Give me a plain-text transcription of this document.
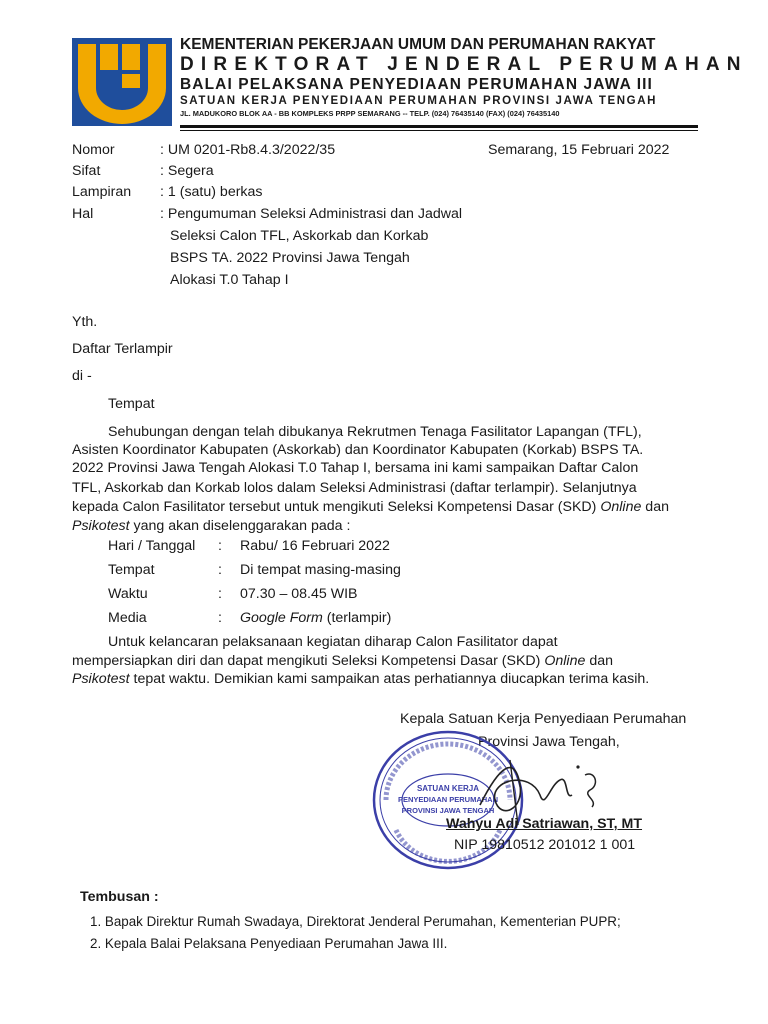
KEMENTERIAN PEKERJAAN UMUM DAN PERUMAHAN RAKYAT
DIREKTORAT JENDERAL PERUMAHAN
BALAI PELAKSANA PENYEDIAAN PERUMAHAN JAWA III
SATUAN KERJA PENYEDIAAN PERUMAHAN PROVINSI JAWA TENGAH
JL. MADUKORO BLOK AA - BB KOMPLEKS PRPP SEMARANG -- TELP. (024) 76435140 (FAX) (024) 76435140
Nomor	: UM 0201-Rb8.4.3/2022/35	Semarang, 15 Februari 2022
Sifat	: Segera
Lampiran : 1 (satu) berkas
Hal	: Pengumuman Seleksi Administrasi dan Jadwal
Seleksi Calon TFL, Askorkab dan Korkab
BSPS TA. 2022 Provinsi Jawa Tengah
Alokasi T.0 Tahap I
Yth.
Daftar Terlampir
di -
Tempat
Sehubungan dengan telah dibukanya Rekrutmen Tenaga Fasilitator Lapangan (TFL),
Asisten Koordinator Kabupaten (Askorkab) dan Koordinator Kabupaten (Korkab) BSPS TA.
2022 Provinsi Jawa Tengah Alokasi T.0 Tahap I, bersama ini kami sampaikan Daftar Calon
TFL, Askorkab dan Korkab lolos dalam Seleksi Administrasi (daftar terlampir). Selanjutnya
kepada Calon Fasilitator tersebut untuk mengikuti Seleksi Kompetensi Dasar (SKD) Online dan
Psikotest yang akan diselenggarakan pada :
Hari / Tanggal : Rabu/ 16 Februari 2022
Tempat	: Di tempat masing-masing
Waktu	: 07.30 – 08.45 WIB
Media	: Google Form (terlampir)
Untuk kelancaran pelaksanaan kegiatan diharap Calon Fasilitator dapat
mempersiapkan diri dan dapat mengikuti Seleksi Kompetensi Dasar (SKD) Online dan
Psikotest tepat waktu. Demikian kami sampaikan atas perhatiannya diucapkan terima kasih.
Kepala Satuan Kerja Penyediaan Perumahan
Provinsi Jawa Tengah,
SATUAN KERJA
PENYEDIAAN PERUMAHAN
PROVINSI JAWA TENGAH
Wahyu Adi Satriawan, ST, MT
NIP 19810512 201012 1 001
Tembusan :
1. Bapak Direktur Rumah Swadaya, Direktorat Jenderal Perumahan, Kementerian PUPR;
2. Kepala Balai Pelaksana Penyediaan Perumahan Jawa III.
